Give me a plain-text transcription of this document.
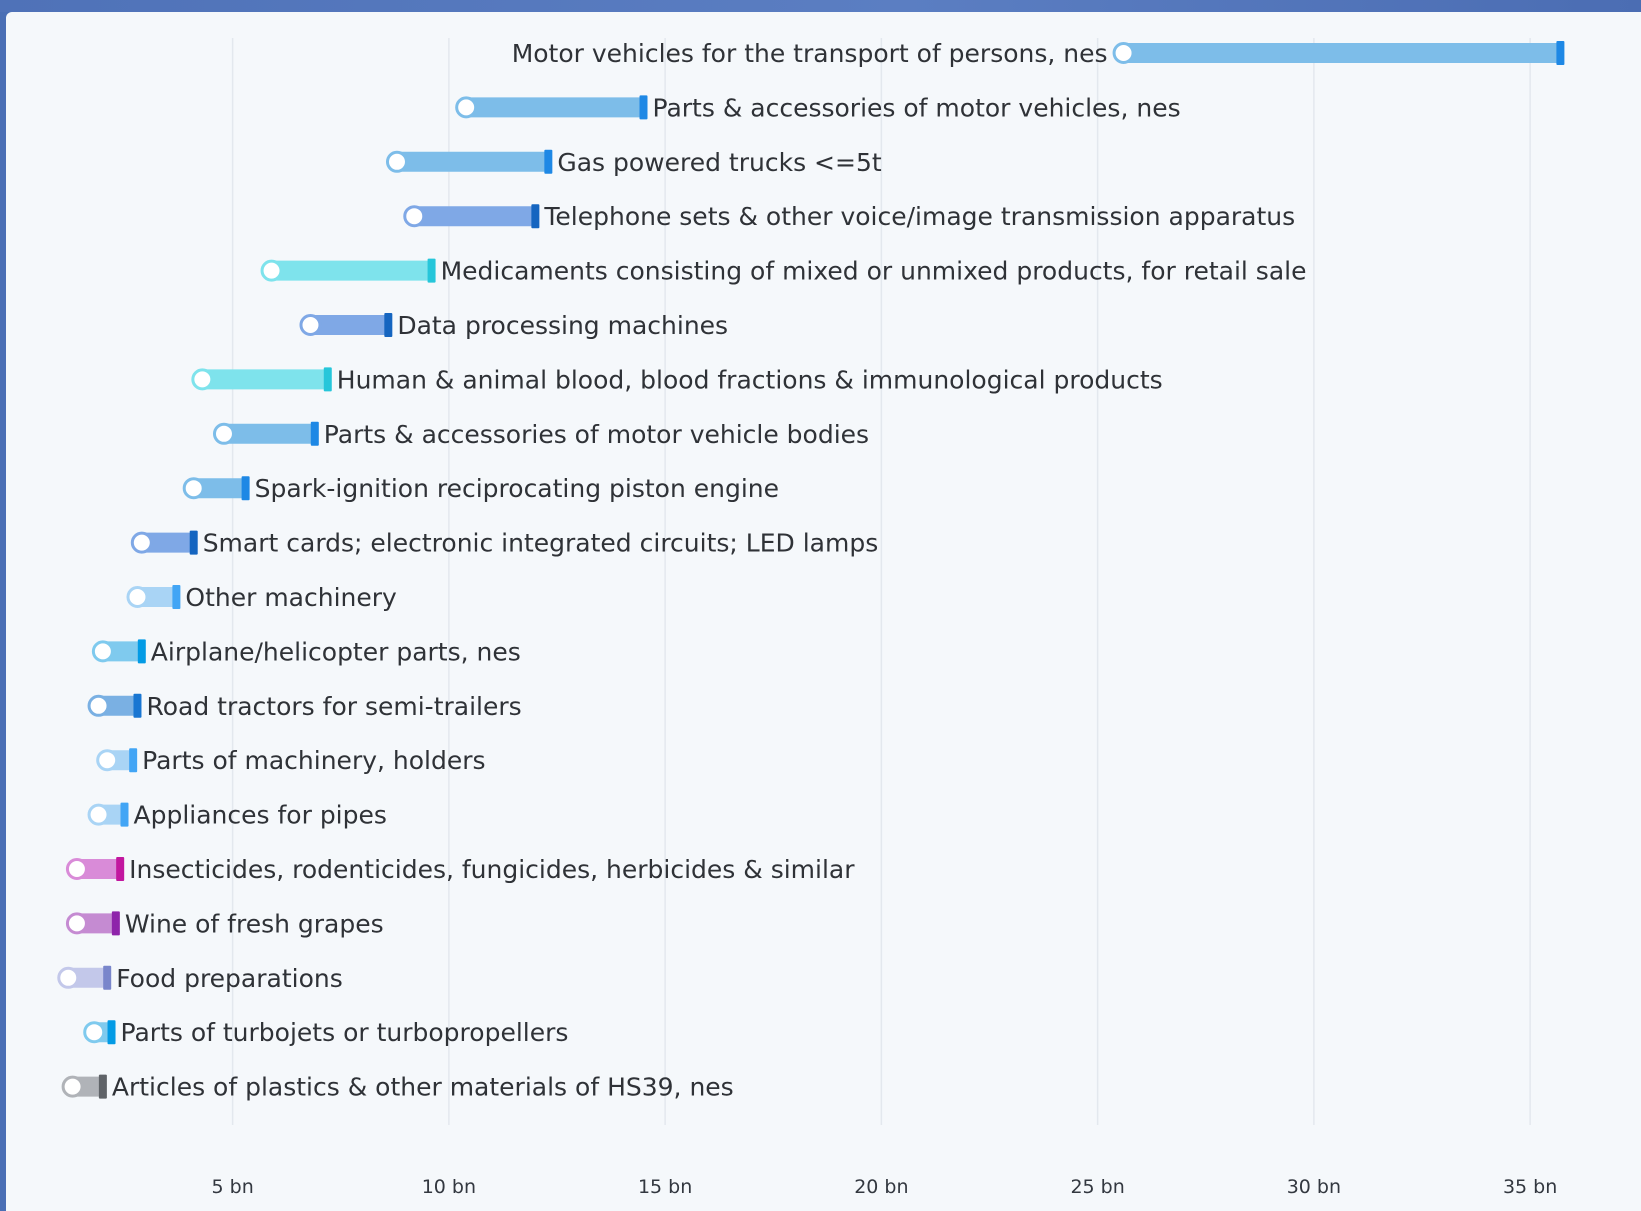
Motor vehicles for the transport of persons, nes
Parts & accessories of motor vehicles, nes
Gas powered trucks <=5t
Telephone sets & other voice/image transmission apparatus
Medicaments consisting of mixed or unmixed products, for retail sale
Data processing machines
Human & animal blood, blood fractions & immunological products
Parts & accessories of motor vehicle bodies
Spark-ignition reciprocating piston engine
Smart cards; electronic integrated circuits; LED lamps
Other machinery
Airplane/helicopter parts, nes
Road tractors for semi-trailers
Parts of machinery, holders
Appliances for pipes
Insecticides, rodenticides, fungicides, herbicides & similar
Wine of fresh grapes
Food preparations
Parts of turbojets or turbopropellers
Articles of plastics & other materials of HS39, nes
5 bn	10 bn	15 bn	20 bn	25 bn	30 bn	35 bn
